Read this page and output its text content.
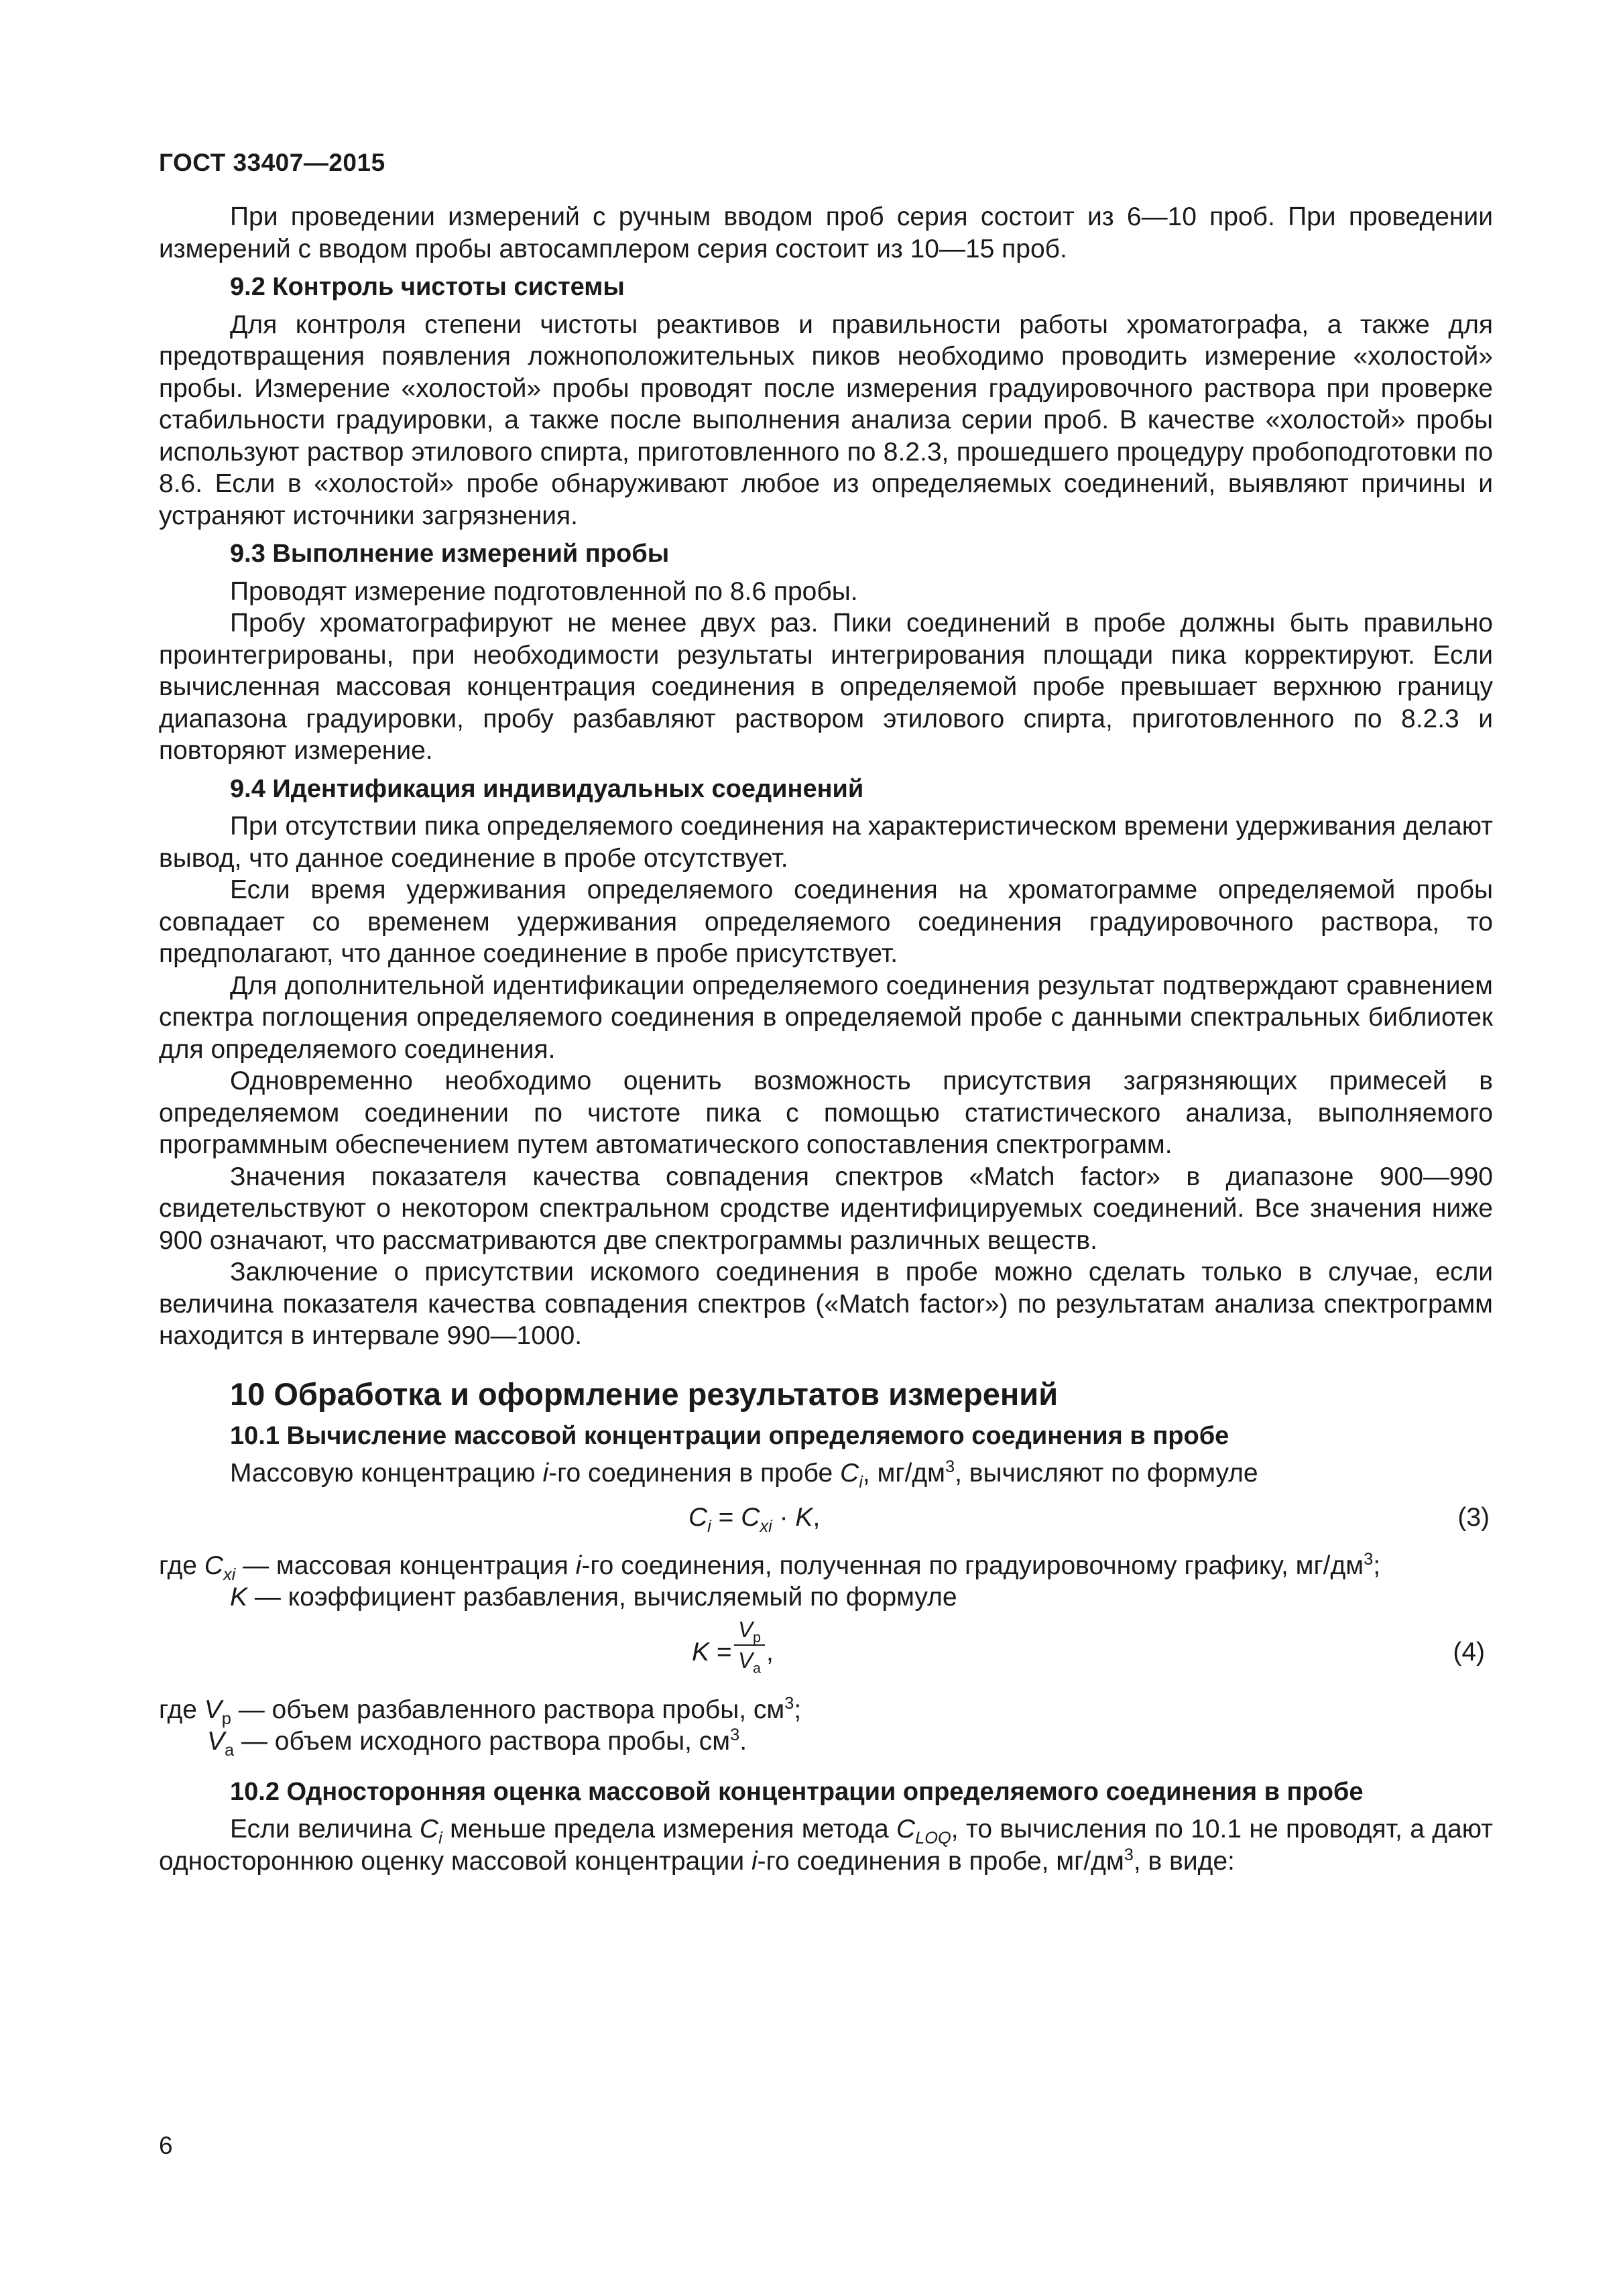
ГОСТ 33407—2015

При проведении измерений с ручным вводом проб серия состоит из 6—10 проб. При проведении измерений с вводом пробы автосамплером серия состоит из 10—15 проб.

9.2 Контроль чистоты системы

Для контроля степени чистоты реактивов и правильности работы хроматографа, а также для предотвращения появления ложноположительных пиков необходимо проводить измерение «холостой» пробы. Измерение «холостой» пробы проводят после измерения градуировочного раствора при проверке стабильности градуировки, а также после выполнения анализа серии проб. В качестве «холостой» пробы используют раствор этилового спирта, приготовленного по 8.2.3, прошедшего процедуру пробоподготовки по 8.6. Если в «холостой» пробе обнаруживают любое из определяемых соединений, выявляют причины и устраняют источники загрязнения.

9.3 Выполнение измерений пробы

Проводят измерение подготовленной по 8.6 пробы.

Пробу хроматографируют не менее двух раз. Пики соединений в пробе должны быть правильно проинтегрированы, при необходимости результаты интегрирования площади пика корректируют. Если вычисленная массовая концентрация соединения в определяемой пробе превышает верхнюю границу диапазона градуировки, пробу разбавляют раствором этилового спирта, приготовленного по 8.2.3 и повторяют измерение.

9.4 Идентификация индивидуальных соединений

При отсутствии пика определяемого соединения на характеристическом времени удерживания делают вывод, что данное соединение в пробе отсутствует.

Если время удерживания определяемого соединения на хроматограмме определяемой пробы совпадает со временем удерживания определяемого соединения градуировочного раствора, то предполагают, что данное соединение в пробе присутствует.

Для дополнительной идентификации определяемого соединения результат подтверждают сравнением спектра поглощения определяемого соединения в определяемой пробе с данными спектральных библиотек для определяемого соединения.

Одновременно необходимо оценить возможность присутствия загрязняющих примесей в определяемом соединении по чистоте пика с помощью статистического анализа, выполняемого программным обеспечением путем автоматического сопоставления спектрограмм.

Значения показателя качества совпадения спектров «Match factor» в диапазоне 900—990 свидетельствуют о некотором спектральном сродстве идентифицируемых соединений. Все значения ниже 900 означают, что рассматриваются две спектрограммы различных веществ.

Заключение о присутствии искомого соединения в пробе можно сделать только в случае, если величина показателя качества совпадения спектров («Match factor») по результатам анализа спектрограмм находится в интервале 990—1000.

10 Обработка и оформление результатов измерений
10.1 Вычисление массовой концентрации определяемого соединения в пробе

Массовую концентрацию i-го соединения в пробе $C_i$, $мг/дм^3$, вычисляют по формуле

$C_i = C_{xi} \cdot K$,	(3)

где $C_{xi}$ — массовая концентрация i-го соединения, полученная по градуировочному графику, $мг/дм^3$;

K — коэффициент разбавления, вычисляемый по формуле

K =
$V_р$
$V_а$
,	(4)

где $V_р$ — объем разбавленного раствора пробы, $см^3$;

$V_а$ — объем исходного раствора пробы, $см^3$.

10.2 Односторонняя оценка массовой концентрации определяемого соединения в пробе

Если величина $C_i$ меньше предела измерения метода $C_{LOQ}$, то вычисления по 10.1 не проводят, а дают одностороннюю оценку массовой концентрации i-го соединения в пробе, $мг/дм^3$, в виде:

6
